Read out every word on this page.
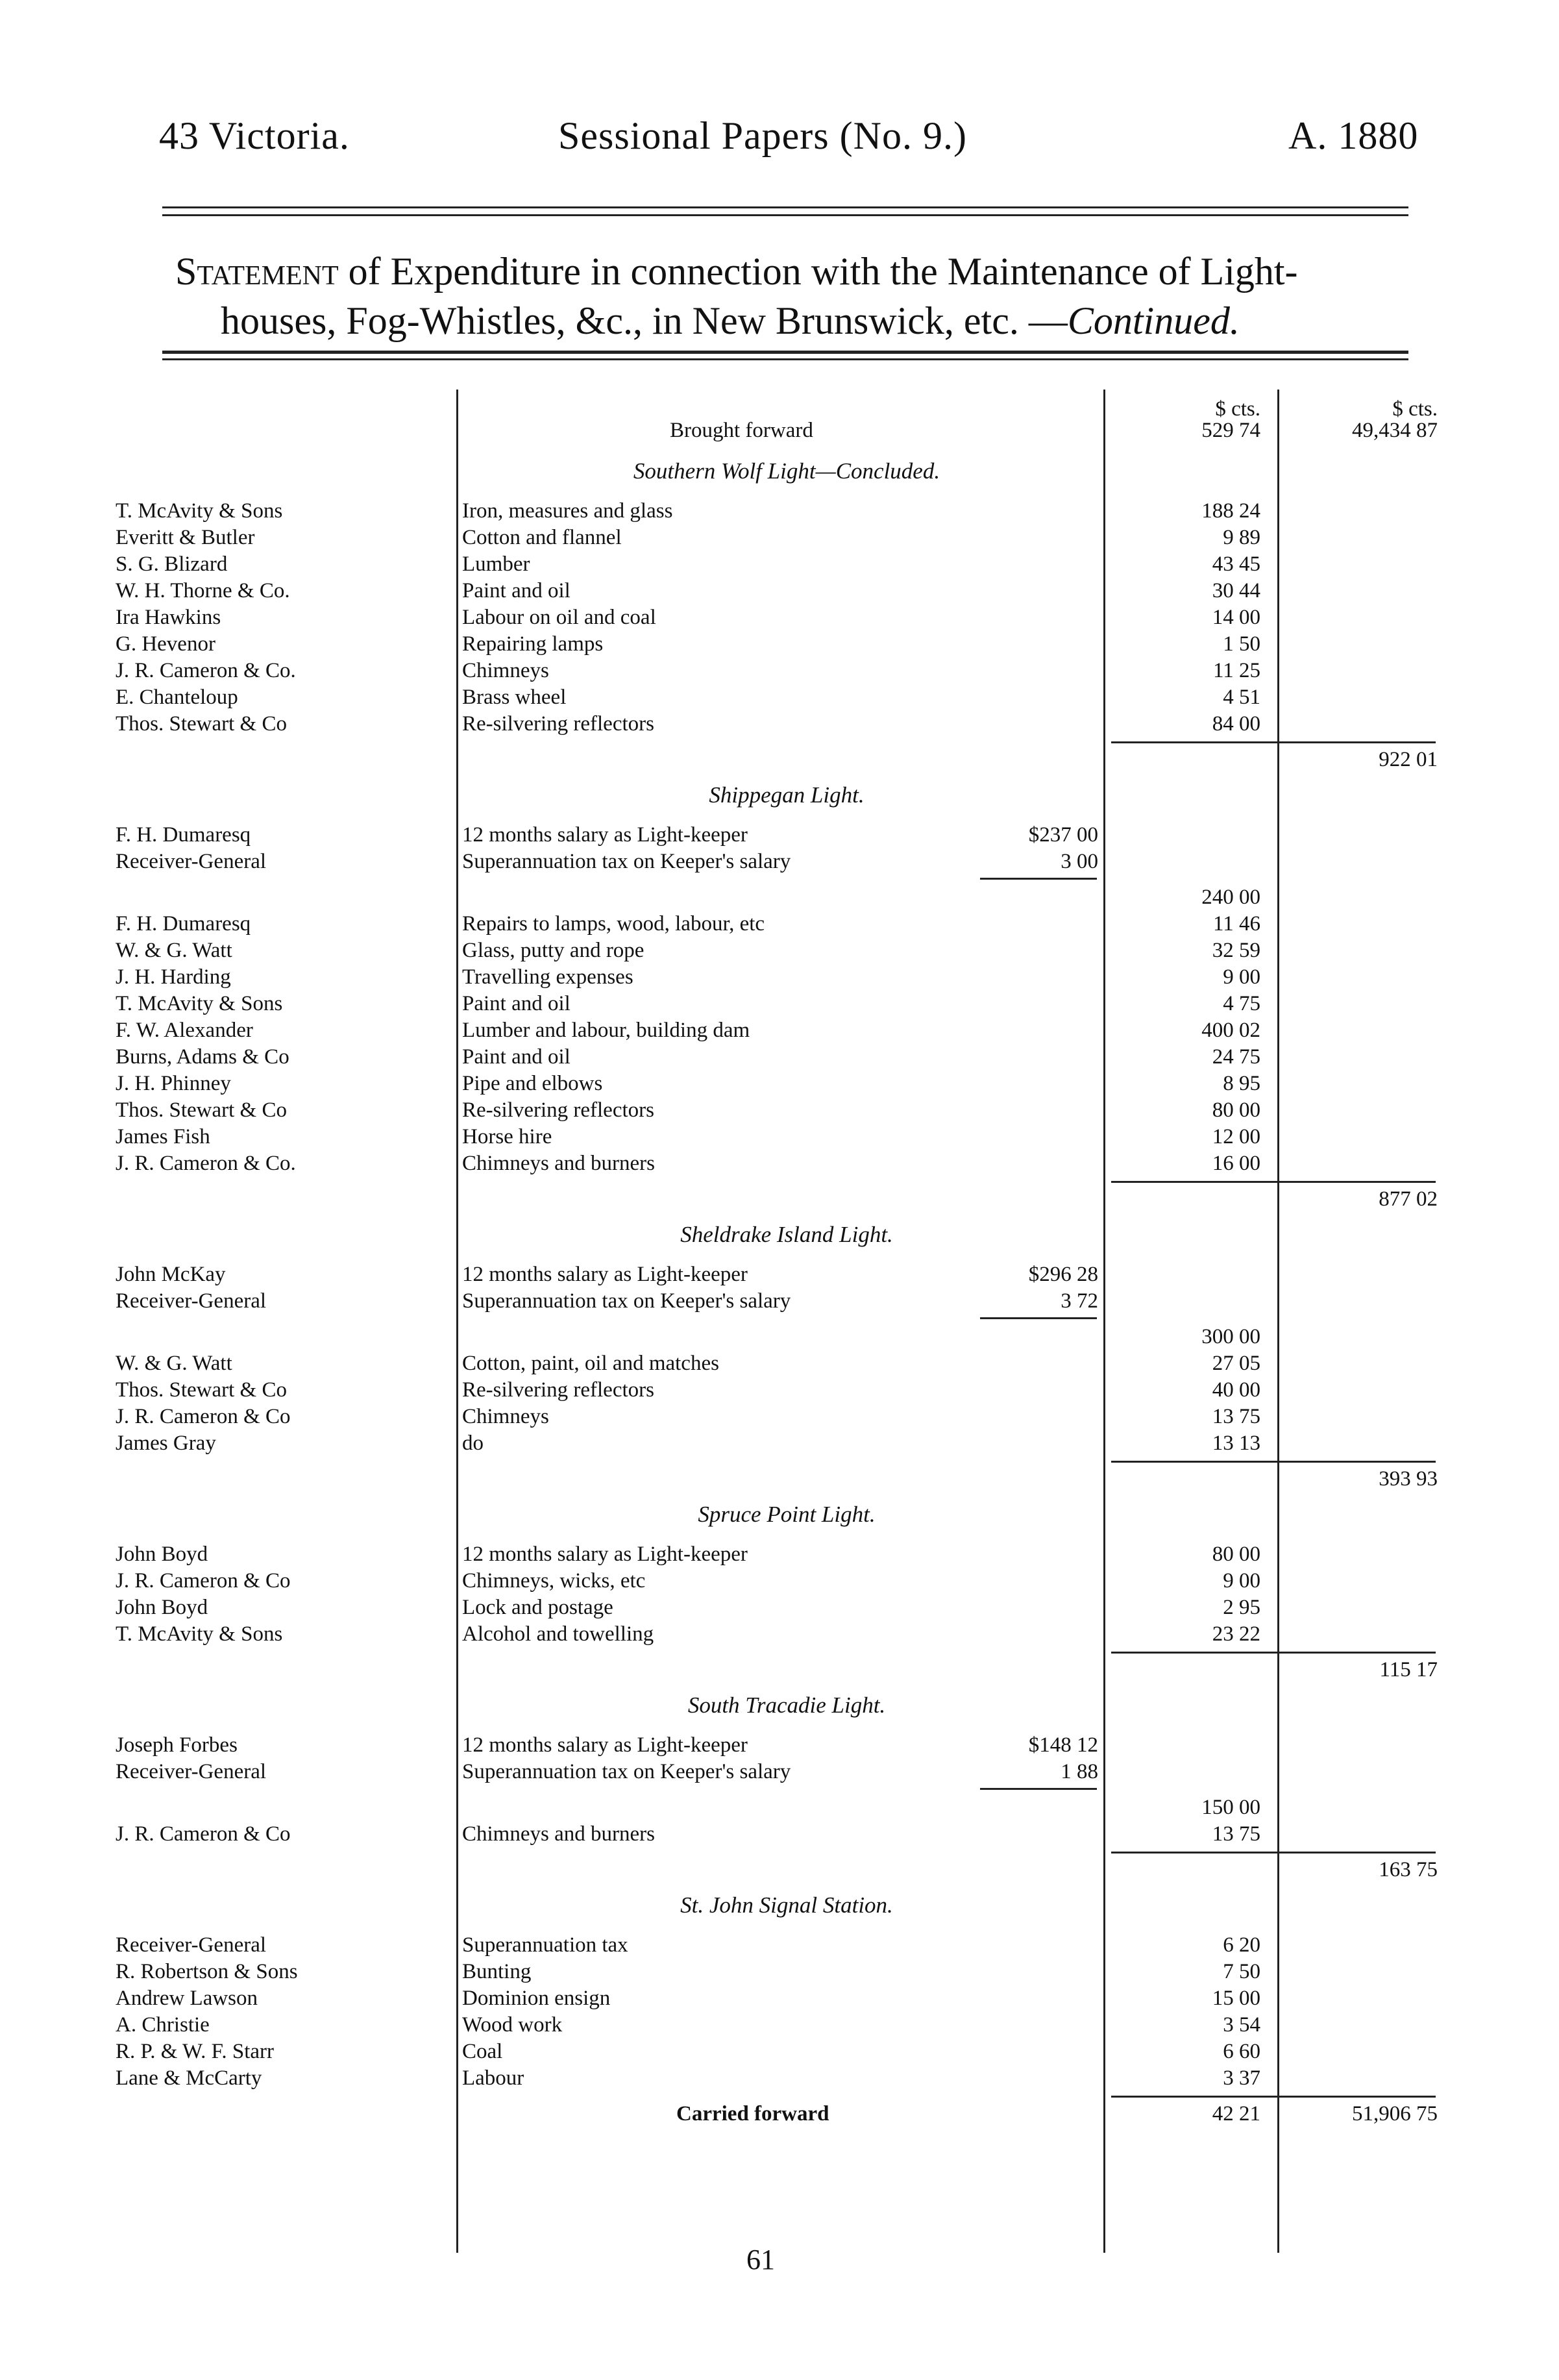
43 Victoria.	Sessional Papers (No. 9.)	A. 1880
Statement of Expenditure in connection with the Maintenance of Light-
houses, Fog-Whistles, &c., in New Brunswick, etc. —Continued.
$ cts.	$ cts.
Brought forward	529 74	49,434 87
Southern Wolf Light—Concluded.
T. McAvity & Sons	Iron, measures and glass	188 24
Everitt & Butler	Cotton and flannel	9 89
S. G. Blizard	Lumber	43 45
W. H. Thorne & Co.	Paint and oil	30 44
Ira Hawkins	Labour on oil and coal	14 00
G. Hevenor	Repairing lamps	1 50
J. R. Cameron & Co.	Chimneys	11 25
E. Chanteloup	Brass wheel	4 51
Thos. Stewart & Co	Re-silvering reflectors	84 00
922 01
Shippegan Light.
F. H. Dumaresq	12 months salary as Light-keeper	$237 00
Receiver-General	Superannuation tax on Keeper's salary	3 00
240 00
F. H. Dumaresq	Repairs to lamps, wood, labour, etc	11 46
W. & G. Watt	Glass, putty and rope	32 59
J. H. Harding	Travelling expenses	9 00
T. McAvity & Sons	Paint and oil	4 75
F. W. Alexander	Lumber and labour, building dam	400 02
Burns, Adams & Co	Paint and oil	24 75
J. H. Phinney	Pipe and elbows	8 95
Thos. Stewart & Co	Re-silvering reflectors	80 00
James Fish	Horse hire	12 00
J. R. Cameron & Co.	Chimneys and burners	16 00
877 02
Sheldrake Island Light.
John McKay	12 months salary as Light-keeper	$296 28
Receiver-General	Superannuation tax on Keeper's salary	3 72
300 00
W. & G. Watt	Cotton, paint, oil and matches	27 05
Thos. Stewart & Co	Re-silvering reflectors	40 00
J. R. Cameron & Co	Chimneys	13 75
James Gray	do	13 13
393 93
Spruce Point Light.
John Boyd	12 months salary as Light-keeper	80 00
J. R. Cameron & Co	Chimneys, wicks, etc	9 00
John Boyd	Lock and postage	2 95
T. McAvity & Sons	Alcohol and towelling	23 22
115 17
South Tracadie Light.
Joseph Forbes	12 months salary as Light-keeper	$148 12
Receiver-General	Superannuation tax on Keeper's salary	1 88
150 00
J. R. Cameron & Co	Chimneys and burners	13 75
163 75
St. John Signal Station.
Receiver-General	Superannuation tax	6 20
R. Robertson & Sons	Bunting	7 50
Andrew Lawson	Dominion ensign	15 00
A. Christie	Wood work	3 54
R. P. & W. F. Starr	Coal	6 60
Lane & McCarty	Labour	3 37
Carried forward	42 21	51,906 75
61
